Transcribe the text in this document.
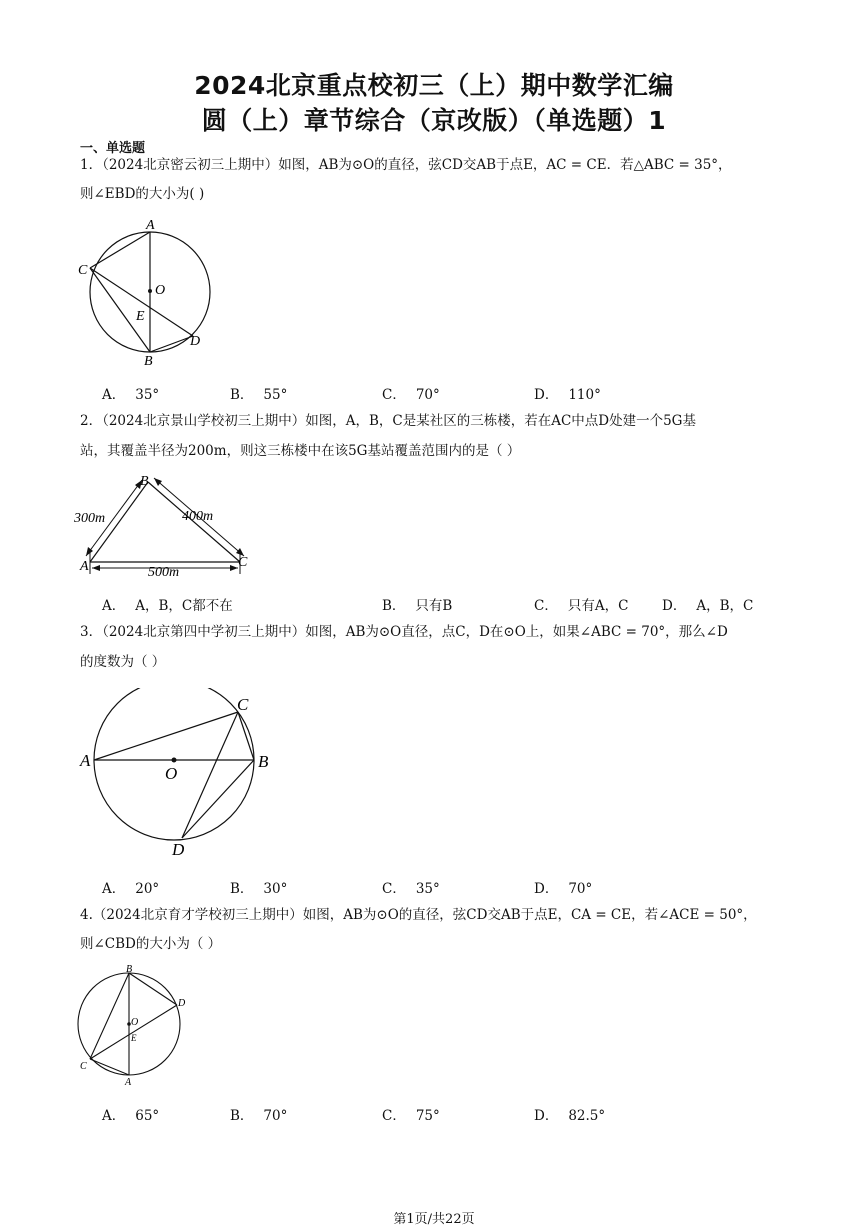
2024北京重点校初三（上）期中数学汇编
圆（上）章节综合（京改版）（单选题）1
一、单选题
1．（2024北京密云初三上期中）如图，AB为⊙O的直径，弦CD交AB于点E，AC = CE．若△ABC = 35°，
则∠EBD的大小为( )
A
C
O
E
B
D
A． 35°	B． 55°	C． 70°	D． 110°
2．（2024北京景山学校初三上期中）如图，A，B，C是某社区的三栋楼，若在AC中点D处建一个5G基
站，其覆盖半径为200m，则这三栋楼中在该5G基站覆盖范围内的是（ ）
B
A	C
300m	400m
500m
A． A，B，C都不在	B． 只有B	C． 只有A，C D． A，B，C
3．（2024北京第四中学初三上期中）如图，AB为⊙O直径，点C，D在⊙O上，如果∠ABC = 70°，那么∠D
的度数为（ ）
A	B
C
D
O
A． 20°	B． 30°	C． 35°	D． 70°
4.（2024北京育才学校初三上期中）如图，AB为⊙O的直径，弦CD交AB于点E，CA = CE，若∠ACE = 50°，
则∠CBD的大小为（ ）
B
D
O
E
C
A
A． 65°	B． 70°	C． 75°	D． 82.5°
第1页/共22页
